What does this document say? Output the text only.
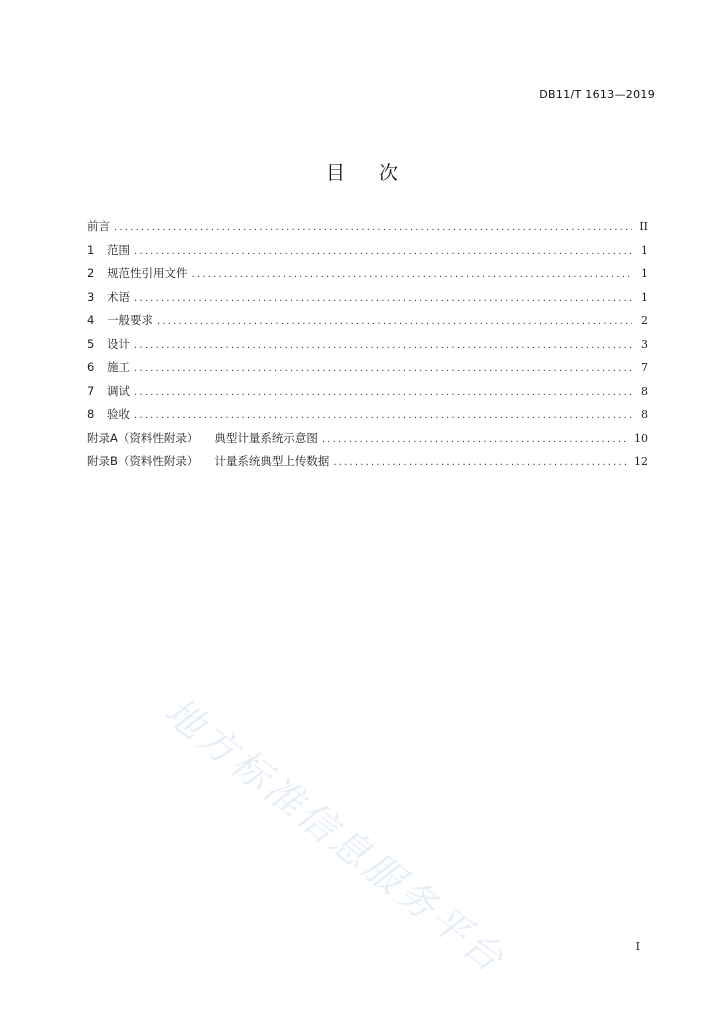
DB11/T 1613—2019
目 次
前言 .....	II
1	范围 .....	1
2	规范性引用文件 .....	1
3	术语 .....	1
4	一般要求 .....	2
5	设计 .....	3
6	施工 .....	7
7	调试 .....	8
8	验收 .....	8
附录A（资料性附录） 典型计量系统示意图 .....	10
附录B（资料性附录） 计量系统典型上传数据 .....	12
地方标准信息服务平台	I
